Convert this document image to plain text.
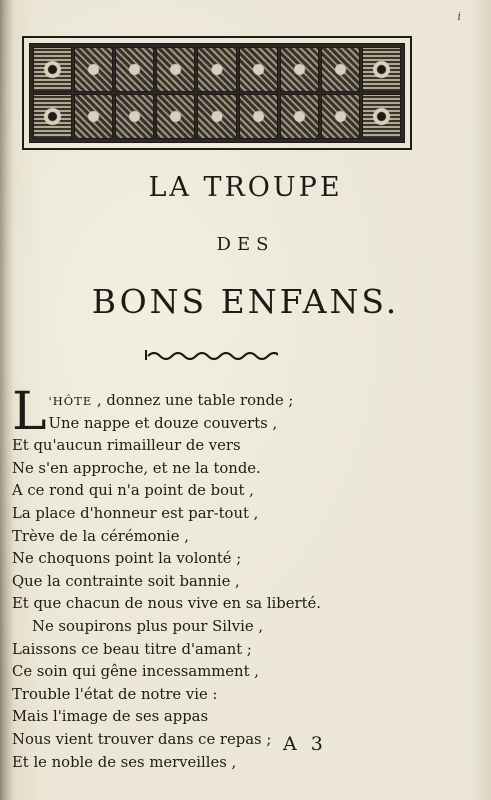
i
LA TROUPE
DES
BONS ENFANS.
L 'HÔTE , donnez une table ronde ;
Une nappe et douze couverts ,
Et qu'aucun rimailleur de vers
Ne s'en approche, et ne la tonde.
A ce rond qui n'a point de bout ,
La place d'honneur est par-tout ,
Trève de la cérémonie ,
Ne choquons point la volonté ;
Que la contrainte soit bannie ,
Et que chacun de nous vive en sa liberté.
Ne soupirons plus pour Silvie ,
Laissons ce beau titre d'amant ;
Ce soin qui gêne incessamment ,
Trouble l'état de notre vie :
Mais l'image de ses appas
Nous vient trouver dans ce repas ;
Et le noble de ses merveilles ,
A 3
